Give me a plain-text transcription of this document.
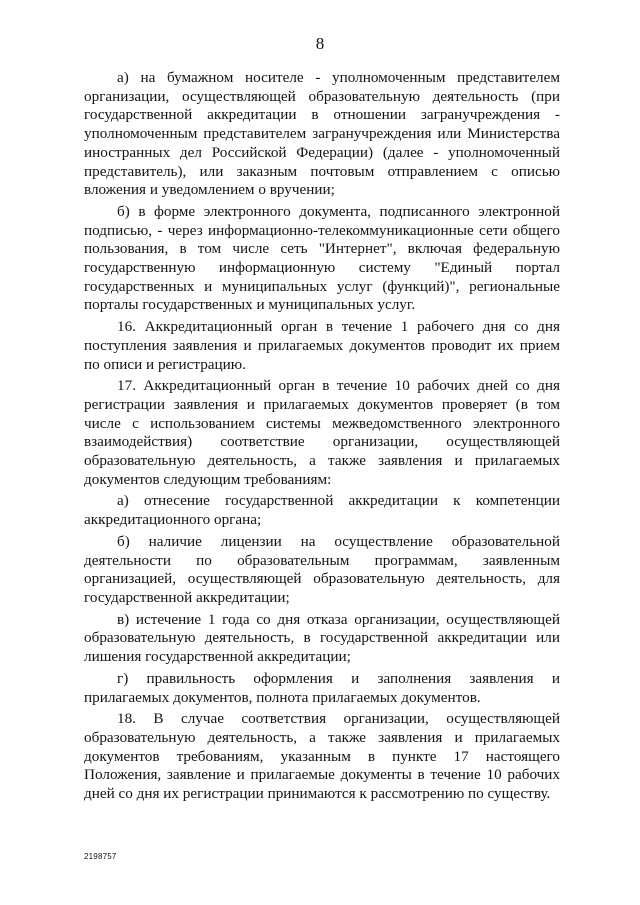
8

а) на бумажном носителе - уполномоченным представителем организации, осуществляющей образовательную деятельность (при государственной аккредитации в отношении загранучреждения - уполномоченным представителем загранучреждения или Министерства иностранных дел Российской Федерации) (далее - уполномоченный представитель), или заказным почтовым отправлением с описью вложения и уведомлением о вручении;

б) в форме электронного документа, подписанного электронной подписью, - через информационно-телекоммуникационные сети общего пользования, в том числе сеть "Интернет", включая федеральную государственную информационную систему "Единый портал государственных и муниципальных услуг (функций)", региональные порталы государственных и муниципальных услуг.

16. Аккредитационный орган в течение 1 рабочего дня со дня поступления заявления и прилагаемых документов проводит их прием по описи и регистрацию.

17. Аккредитационный орган в течение 10 рабочих дней со дня регистрации заявления и прилагаемых документов проверяет (в том числе с использованием системы межведомственного электронного взаимодействия) соответствие организации, осуществляющей образовательную деятельность, а также заявления и прилагаемых документов следующим требованиям:

а) отнесение государственной аккредитации к компетенции аккредитационного органа;

б) наличие лицензии на осуществление образовательной деятельности по образовательным программам, заявленным организацией, осуществляющей образовательную деятельность, для государственной аккредитации;

в) истечение 1 года со дня отказа организации, осуществляющей образовательную деятельность, в государственной аккредитации или лишения государственной аккредитации;

г) правильность оформления и заполнения заявления и прилагаемых документов, полнота прилагаемых документов.

18. В случае соответствия организации, осуществляющей образовательную деятельность, а также заявления и прилагаемых документов требованиям, указанным в пункте 17 настоящего Положения, заявление и прилагаемые документы в течение 10 рабочих дней со дня их регистрации принимаются к рассмотрению по существу.

2198757
